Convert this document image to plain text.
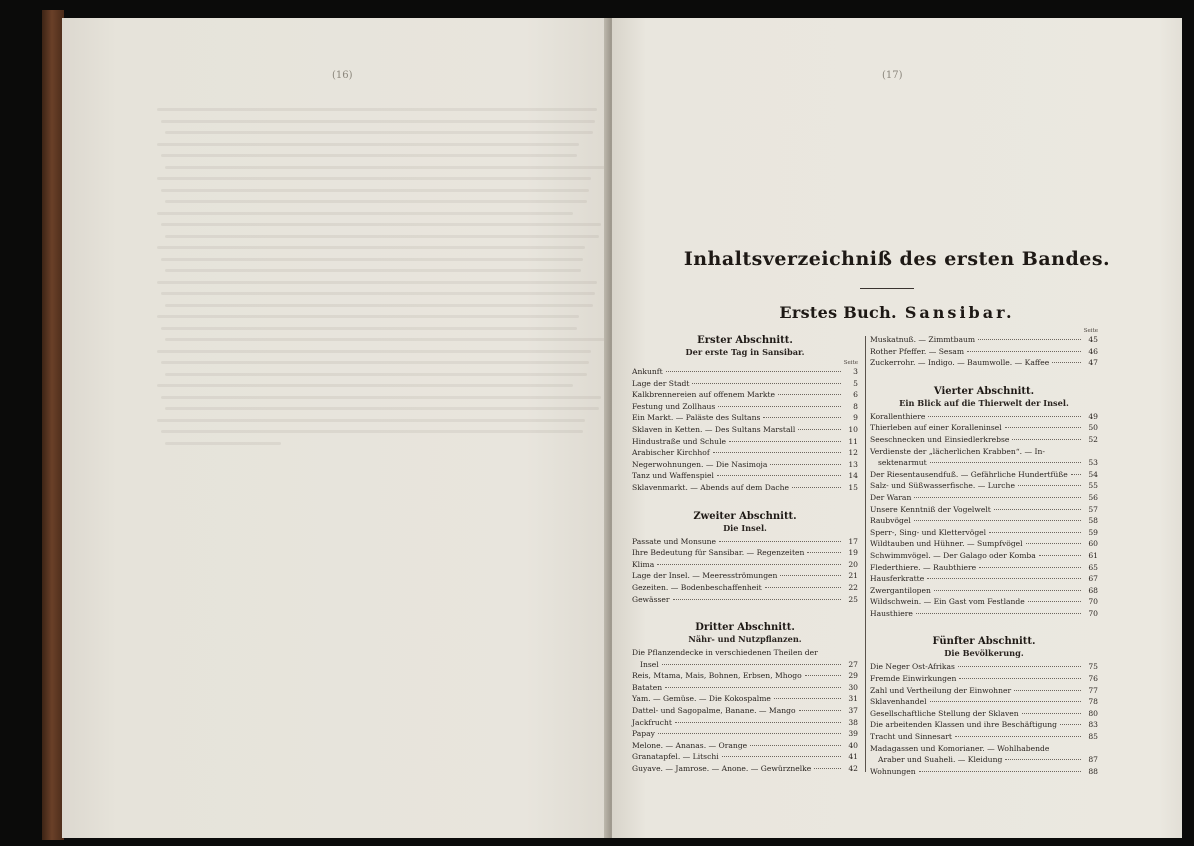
(16)	(17)
Inhaltsverzeichniß des ersten Bandes.
Erstes Buch. Sansibar.
Erster Abschnitt.
Der erste Tag in Sansibar.
Seite
Ankunft	3
Lage der Stadt	5
Kalkbrennereien auf offenem Markte	6
Festung und Zollhaus	8
Ein Markt. — Paläste des Sultans	9
Sklaven in Ketten. — Des Sultans Marstall	10
Hindustraße und Schule	11
Arabischer Kirchhof	12
Negerwohnungen. — Die Nasimoja	13
Tanz und Waffenspiel	14
Sklavenmarkt. — Abends auf dem Dache	15
Zweiter Abschnitt.
Die Insel.
Passate und Monsune	17
Ihre Bedeutung für Sansibar. — Regenzeiten	19
Klima	20
Lage der Insel. — Meeresströmungen	21
Gezeiten. — Bodenbeschaffenheit	22
Gewässer	25
Dritter Abschnitt.
Nähr- und Nutzpflanzen.
Die Pflanzendecke in verschiedenen Theilen der
Insel	27
Reis, Mtama, Mais, Bohnen, Erbsen, Mhogo	29
Bataten	30
Yam. — Gemüse. — Die Kokospalme	31
Dattel- und Sagopalme, Banane. — Mango	37
Jackfrucht	38
Papay	39
Melone. — Ananas. — Orange	40
Granatapfel. — Litschi	41
Guyave. — Jamrose. — Anone. — Gewürznelke	42
Seite
Muskatnuß. — Zimmtbaum	45
Rother Pfeffer. — Sesam	46
Zuckerrohr. — Indigo. — Baumwolle. — Kaffee	47
Vierter Abschnitt.
Ein Blick auf die Thierwelt der Insel.
Korallenthiere	49
Thierleben auf einer Koralleninsel	50
Seeschnecken und Einsiedlerkrebse	52
Verdienste der „lächerlichen Krabben“. — In-
sektenarmut	53
Der Riesentausendfuß. — Gefährliche Hundertfüße	54
Salz- und Süßwasserfische. — Lurche	55
Der Waran	56
Unsere Kenntniß der Vogelwelt	57
Raubvögel	58
Sperr-, Sing- und Klettervögel	59
Wildtauben und Hühner. — Sumpfvögel	60
Schwimmvögel. — Der Galago oder Komba	61
Flederthiere. — Raubthiere	65
Hausferkratte	67
Zwergantilopen	68
Wildschwein. — Ein Gast vom Festlande	70
Hausthiere	70
Fünfter Abschnitt.
Die Bevölkerung.
Die Neger Ost-Afrikas	75
Fremde Einwirkungen	76
Zahl und Vertheilung der Einwohner	77
Sklavenhandel	78
Gesellschaftliche Stellung der Sklaven	80
Die arbeitenden Klassen und ihre Beschäftigung	83
Tracht und Sinnesart	85
Madagassen und Komorianer. — Wohlhabende
Araber und Suaheli. — Kleidung	87
Wohnungen	88
